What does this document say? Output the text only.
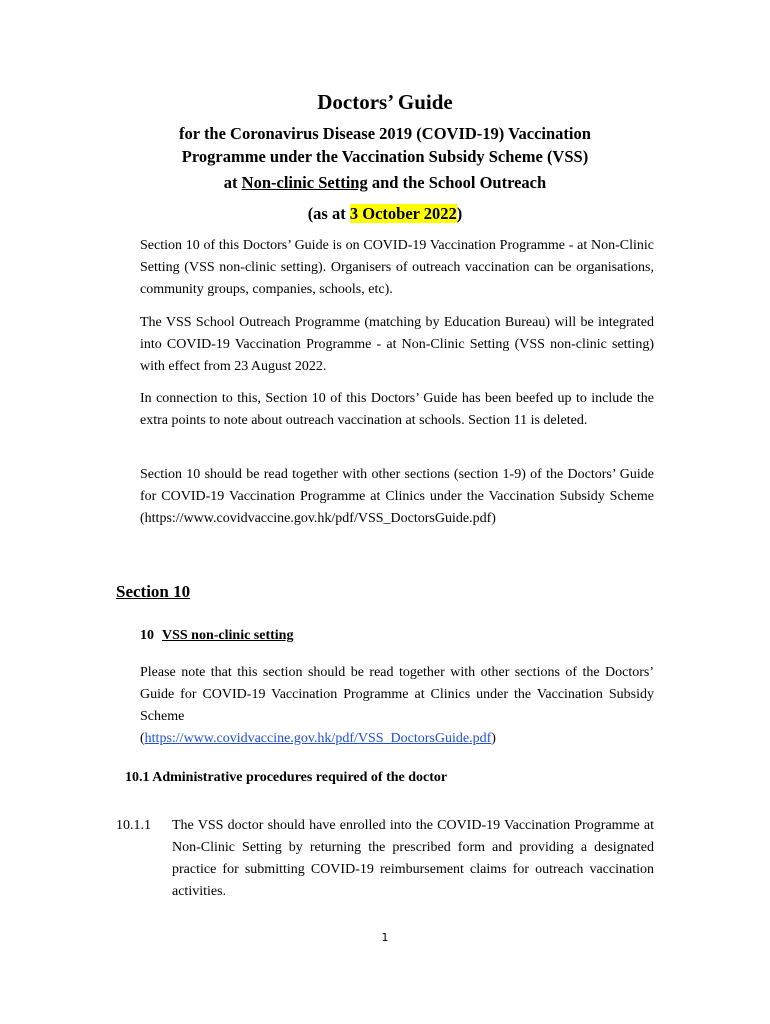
Doctors’ Guide
for the Coronavirus Disease 2019 (COVID-19) Vaccination
Programme under the Vaccination Subsidy Scheme (VSS)
at Non-clinic Setting and the School Outreach
(as at 3 October 2022)
Section 10 of this Doctors’ Guide is on COVID-19 Vaccination Programme - at Non-Clinic Setting (VSS non-clinic setting). Organisers of outreach vaccination can be organisations, community groups, companies, schools, etc).
The VSS School Outreach Programme (matching by Education Bureau) will be integrated into COVID-19 Vaccination Programme - at Non-Clinic Setting (VSS non-clinic setting) with effect from 23 August 2022.
In connection to this, Section 10 of this Doctors’ Guide has been beefed up to include the extra points to note about outreach vaccination at schools. Section 11 is deleted.
Section 10 should be read together with other sections (section 1-9) of the Doctors’ Guide for COVID-19 Vaccination Programme at Clinics under the Vaccination Subsidy Scheme (https://www.covidvaccine.gov.hk/pdf/VSS_DoctorsGuide.pdf)
Section 10
10 VSS non-clinic setting
Please note that this section should be read together with other sections of the Doctors’ Guide for COVID-19 Vaccination Programme at Clinics under the Vaccination Subsidy Scheme
(https://www.covidvaccine.gov.hk/pdf/VSS_DoctorsGuide.pdf)
10.1 Administrative procedures required of the doctor
10.1.1 The VSS doctor should have enrolled into the COVID-19 Vaccination Programme at Non-Clinic Setting by returning the prescribed form and providing a designated practice for submitting COVID-19 reimbursement claims for outreach vaccination activities.
1
